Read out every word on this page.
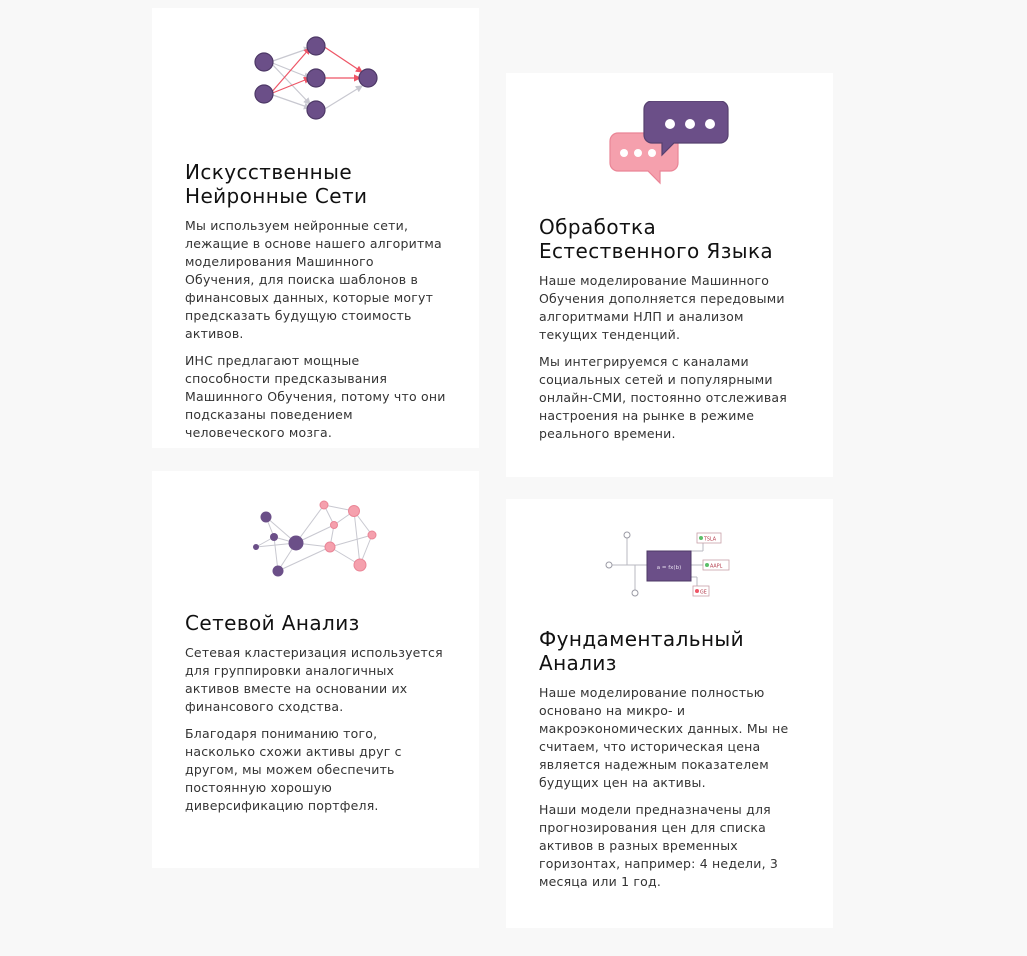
Искусственные Нейронные Сети

Мы используем нейронные сети, лежащие в основе нашего алгоритма моделирования Машинного Обучения, для поиска шаблонов в финансовых данных, которые могут предсказать будущую стоимость активов.

ИНС предлагают мощные способности предсказывания Машинного Обучения, потому что они подсказаны поведением человеческого мозга.

Обработка Естественного Языка

Наше моделирование Машинного Обучения дополняется передовыми алгоритмами НЛП и анализом текущих тенденций.

Мы интегрируемся с каналами социальных сетей и популярными онлайн-СМИ, постоянно отслеживая настроения на рынке в режиме реального времени.

Сетевой Анализ

Сетевая кластеризация используется для группировки аналогичных активов вместе на основании их финансового сходства.

Благодаря пониманию того, насколько схожи активы друг с другом, мы можем обеспечить постоянную хорошую диверсификацию портфеля.

a = fx(b)
TSLA
AAPL
GE
Фундаментальный Анализ

Наше моделирование полностью основано на микро- и макроэкономических данных. Мы не считаем, что историческая цена является надежным показателем будущих цен на активы.

Наши модели предназначены для прогнозирования цен для списка активов в разных временных горизонтах, например: 4 недели, 3 месяца или 1 год.
